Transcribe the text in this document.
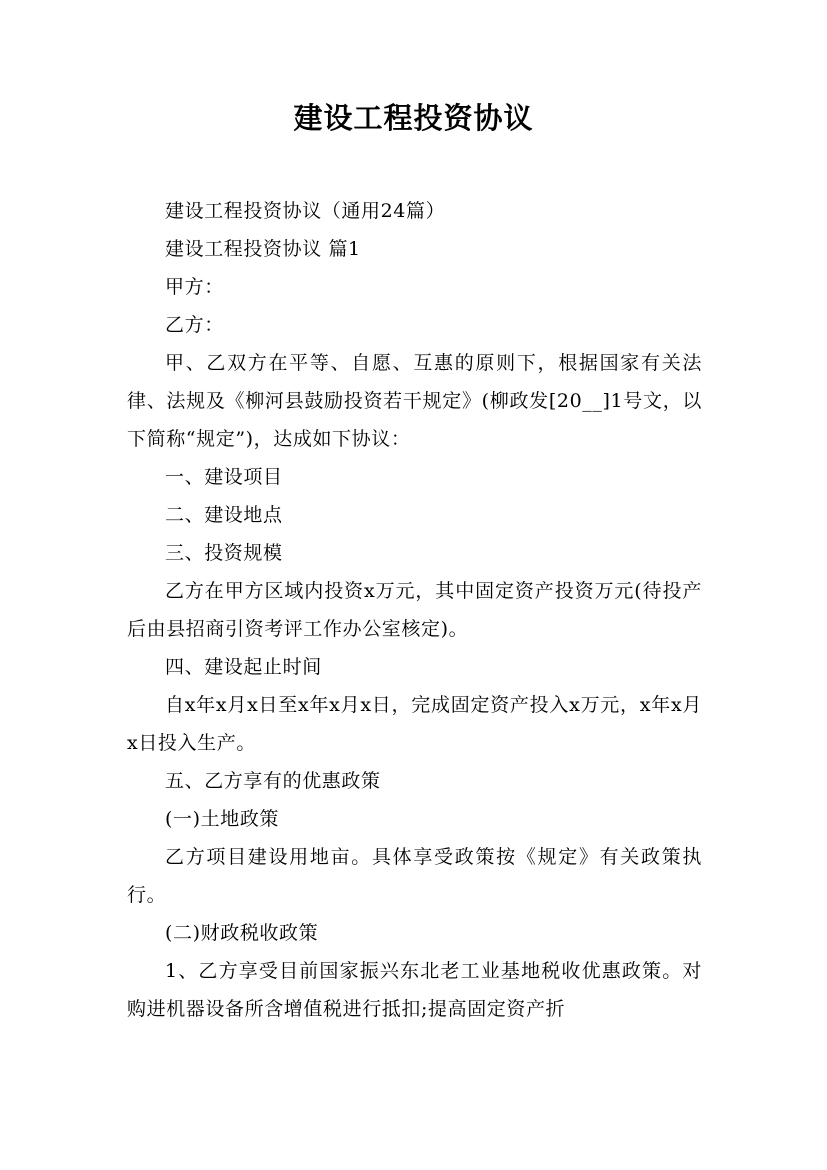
建设工程投资协议

建设工程投资协议（通用24篇）

建设工程投资协议 篇1

甲方：

乙方：

甲、乙双方在平等、自愿、互惠的原则下，根据国家有关法律、法规及《柳河县鼓励投资若干规定》(柳政发[20__]1号文，以下简称“规定”)，达成如下协议：

一、建设项目

二、建设地点

三、投资规模

乙方在甲方区域内投资x万元，其中固定资产投资万元(待投产后由县招商引资考评工作办公室核定)。

四、建设起止时间

自x年x月x日至x年x月x日，完成固定资产投入x万元，x年x月x日投入生产。

五、乙方享有的优惠政策

(一)土地政策

乙方项目建设用地亩。具体享受政策按《规定》有关政策执行。

(二)财政税收政策

1、乙方享受目前国家振兴东北老工业基地税收优惠政策。对购进机器设备所含增值税进行抵扣;提高固定资产折
